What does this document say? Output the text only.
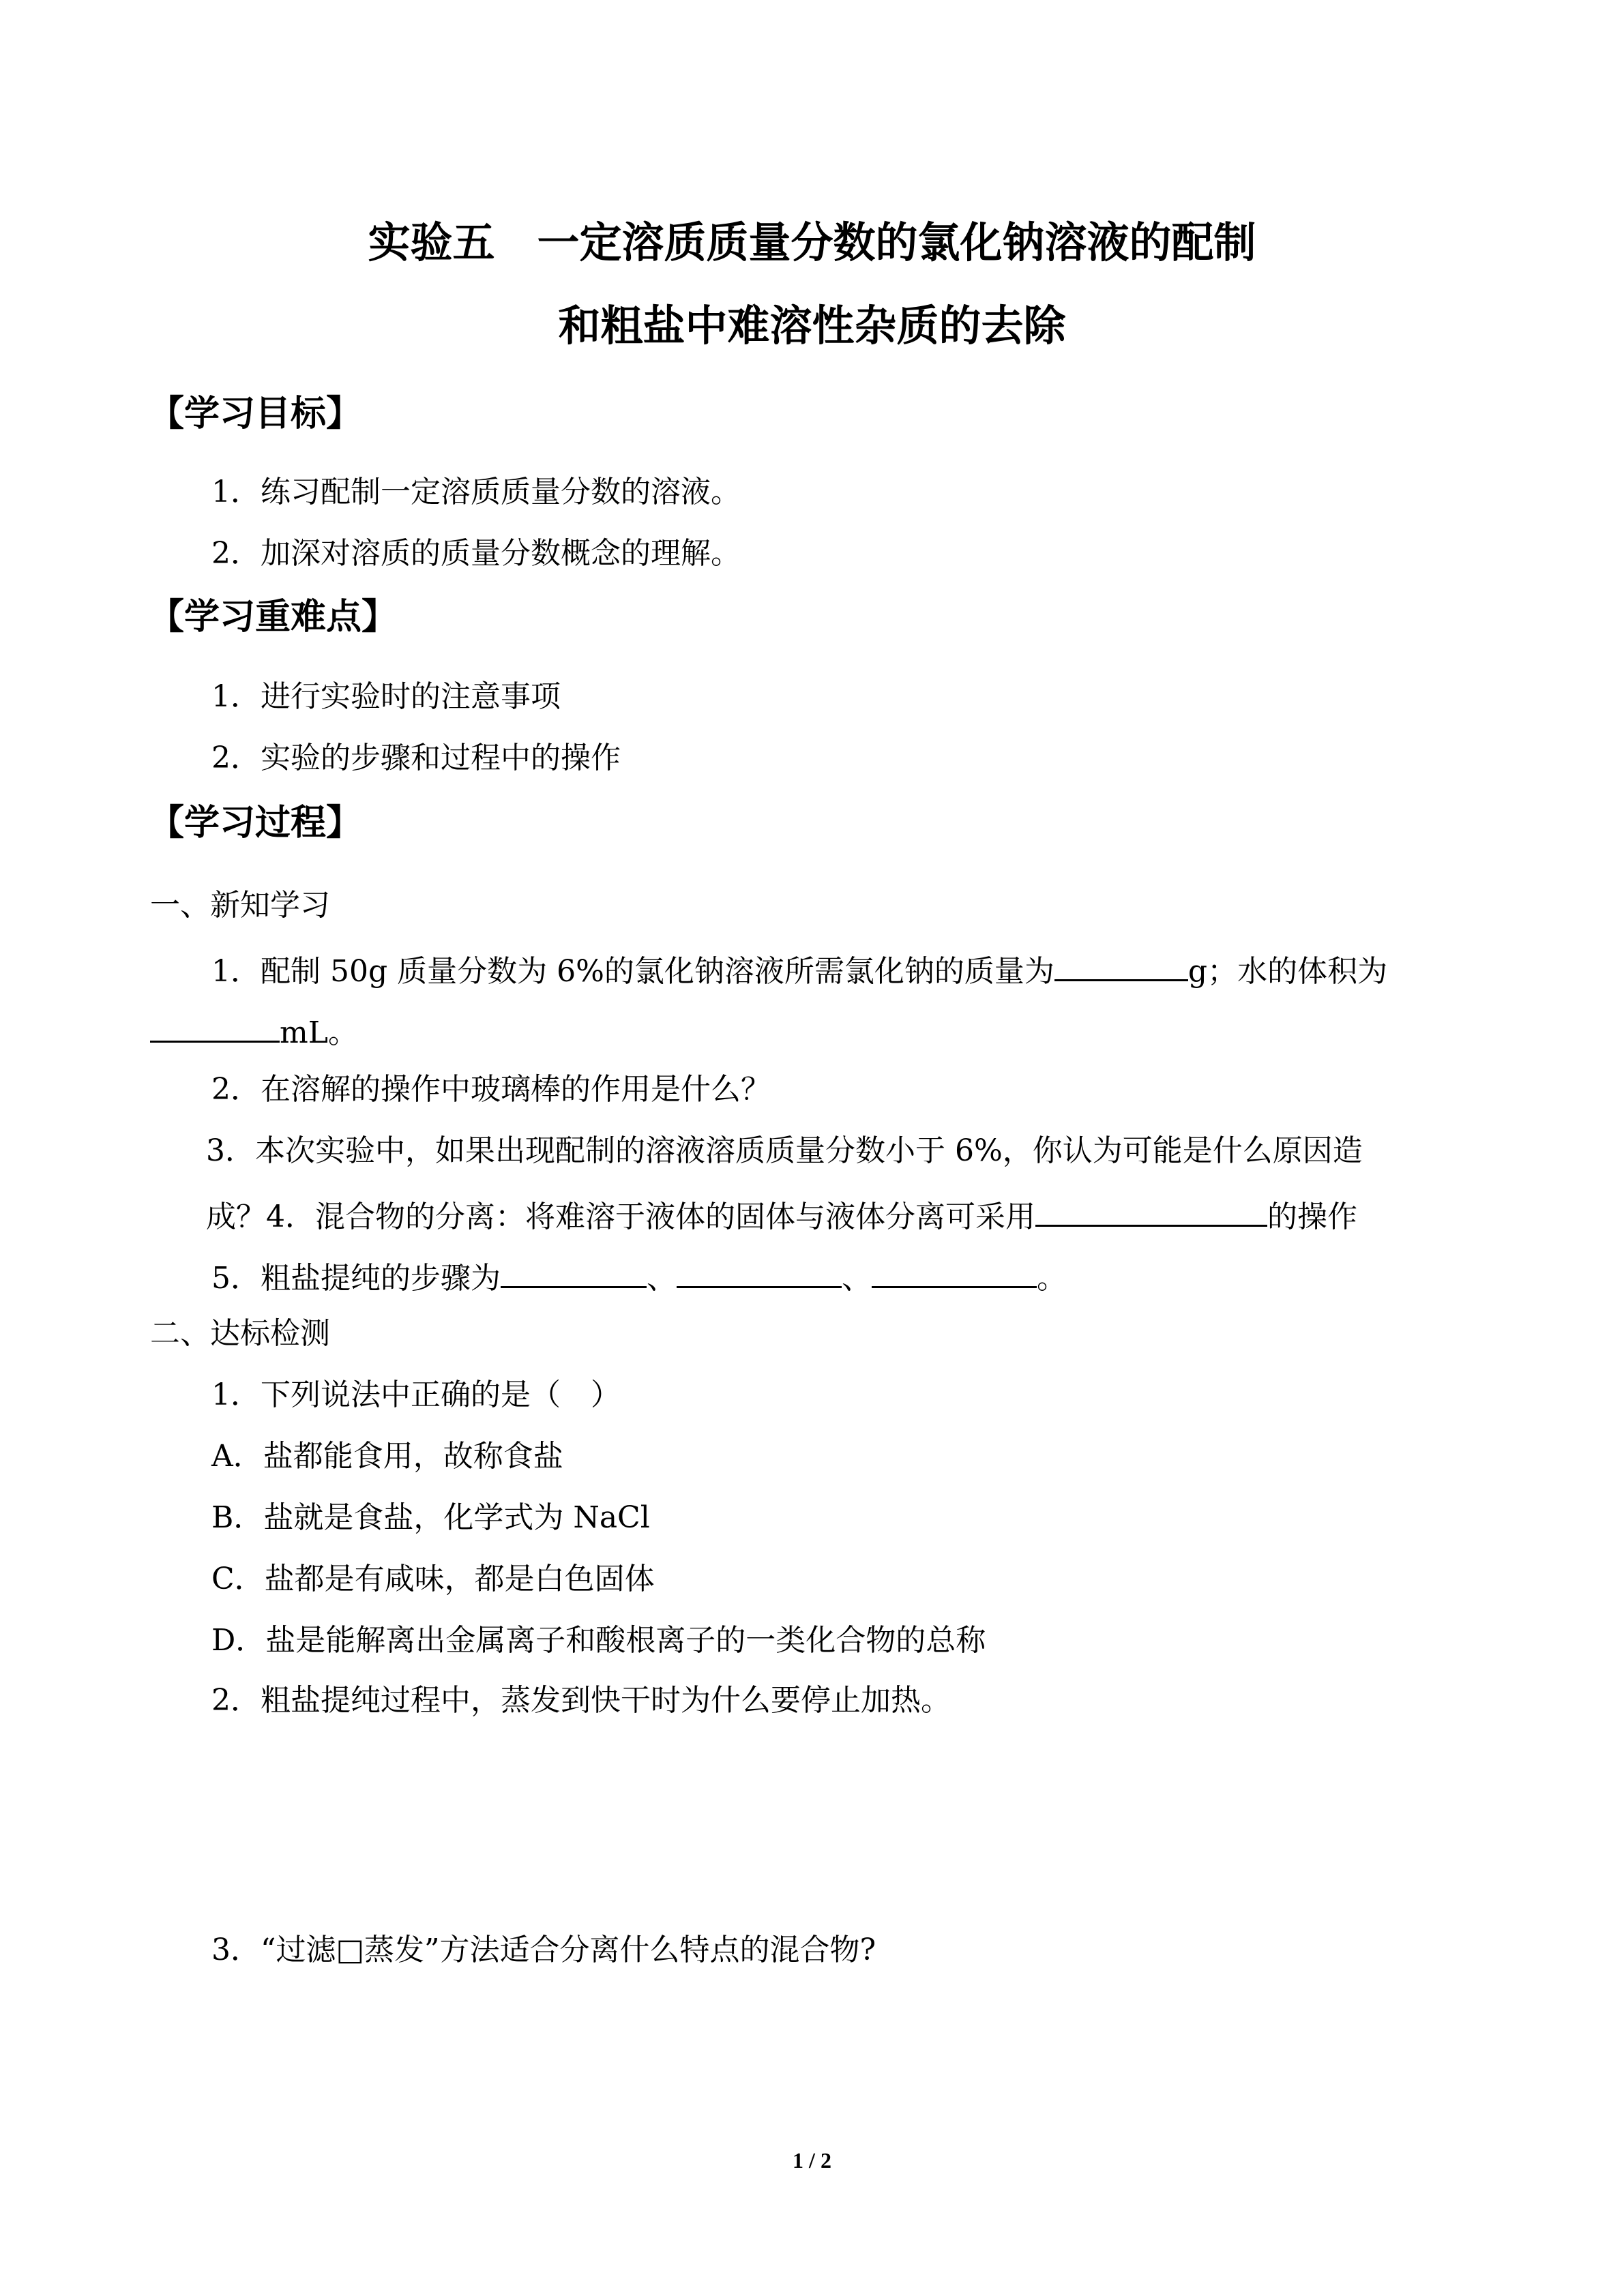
实验五　一定溶质质量分数的氯化钠溶液的配制
和粗盐中难溶性杂质的去除
【学习目标】
1．练习配制一定溶质质量分数的溶液。
2．加深对溶质的质量分数概念的理解。
【学习重难点】
1．进行实验时的注意事项
2．实验的步骤和过程中的操作
【学习过程】
一、新知学习
1．配制 50g 质量分数为 6%的氯化钠溶液所需氯化钠的质量为	g；水的体积为
mL。
2．在溶解的操作中玻璃棒的作用是什么？
3．本次实验中，如果出现配制的溶液溶质质量分数小于 6%，你认为可能是什么原因造
成？4．混合物的分离：将难溶于液体的固体与液体分离可采用	的操作
5．粗盐提纯的步骤为	、	、	。
二、达标检测
1．下列说法中正确的是（　）
A．盐都能食用，故称食盐
B．盐就是食盐，化学式为 NaCl
C．盐都是有咸味，都是白色固体
D．盐是能解离出金属离子和酸根离子的一类化合物的总称
2．粗盐提纯过程中，蒸发到快干时为什么要停止加热。
3．“过滤□蒸发”方法适合分离什么特点的混合物?
1 / 2
